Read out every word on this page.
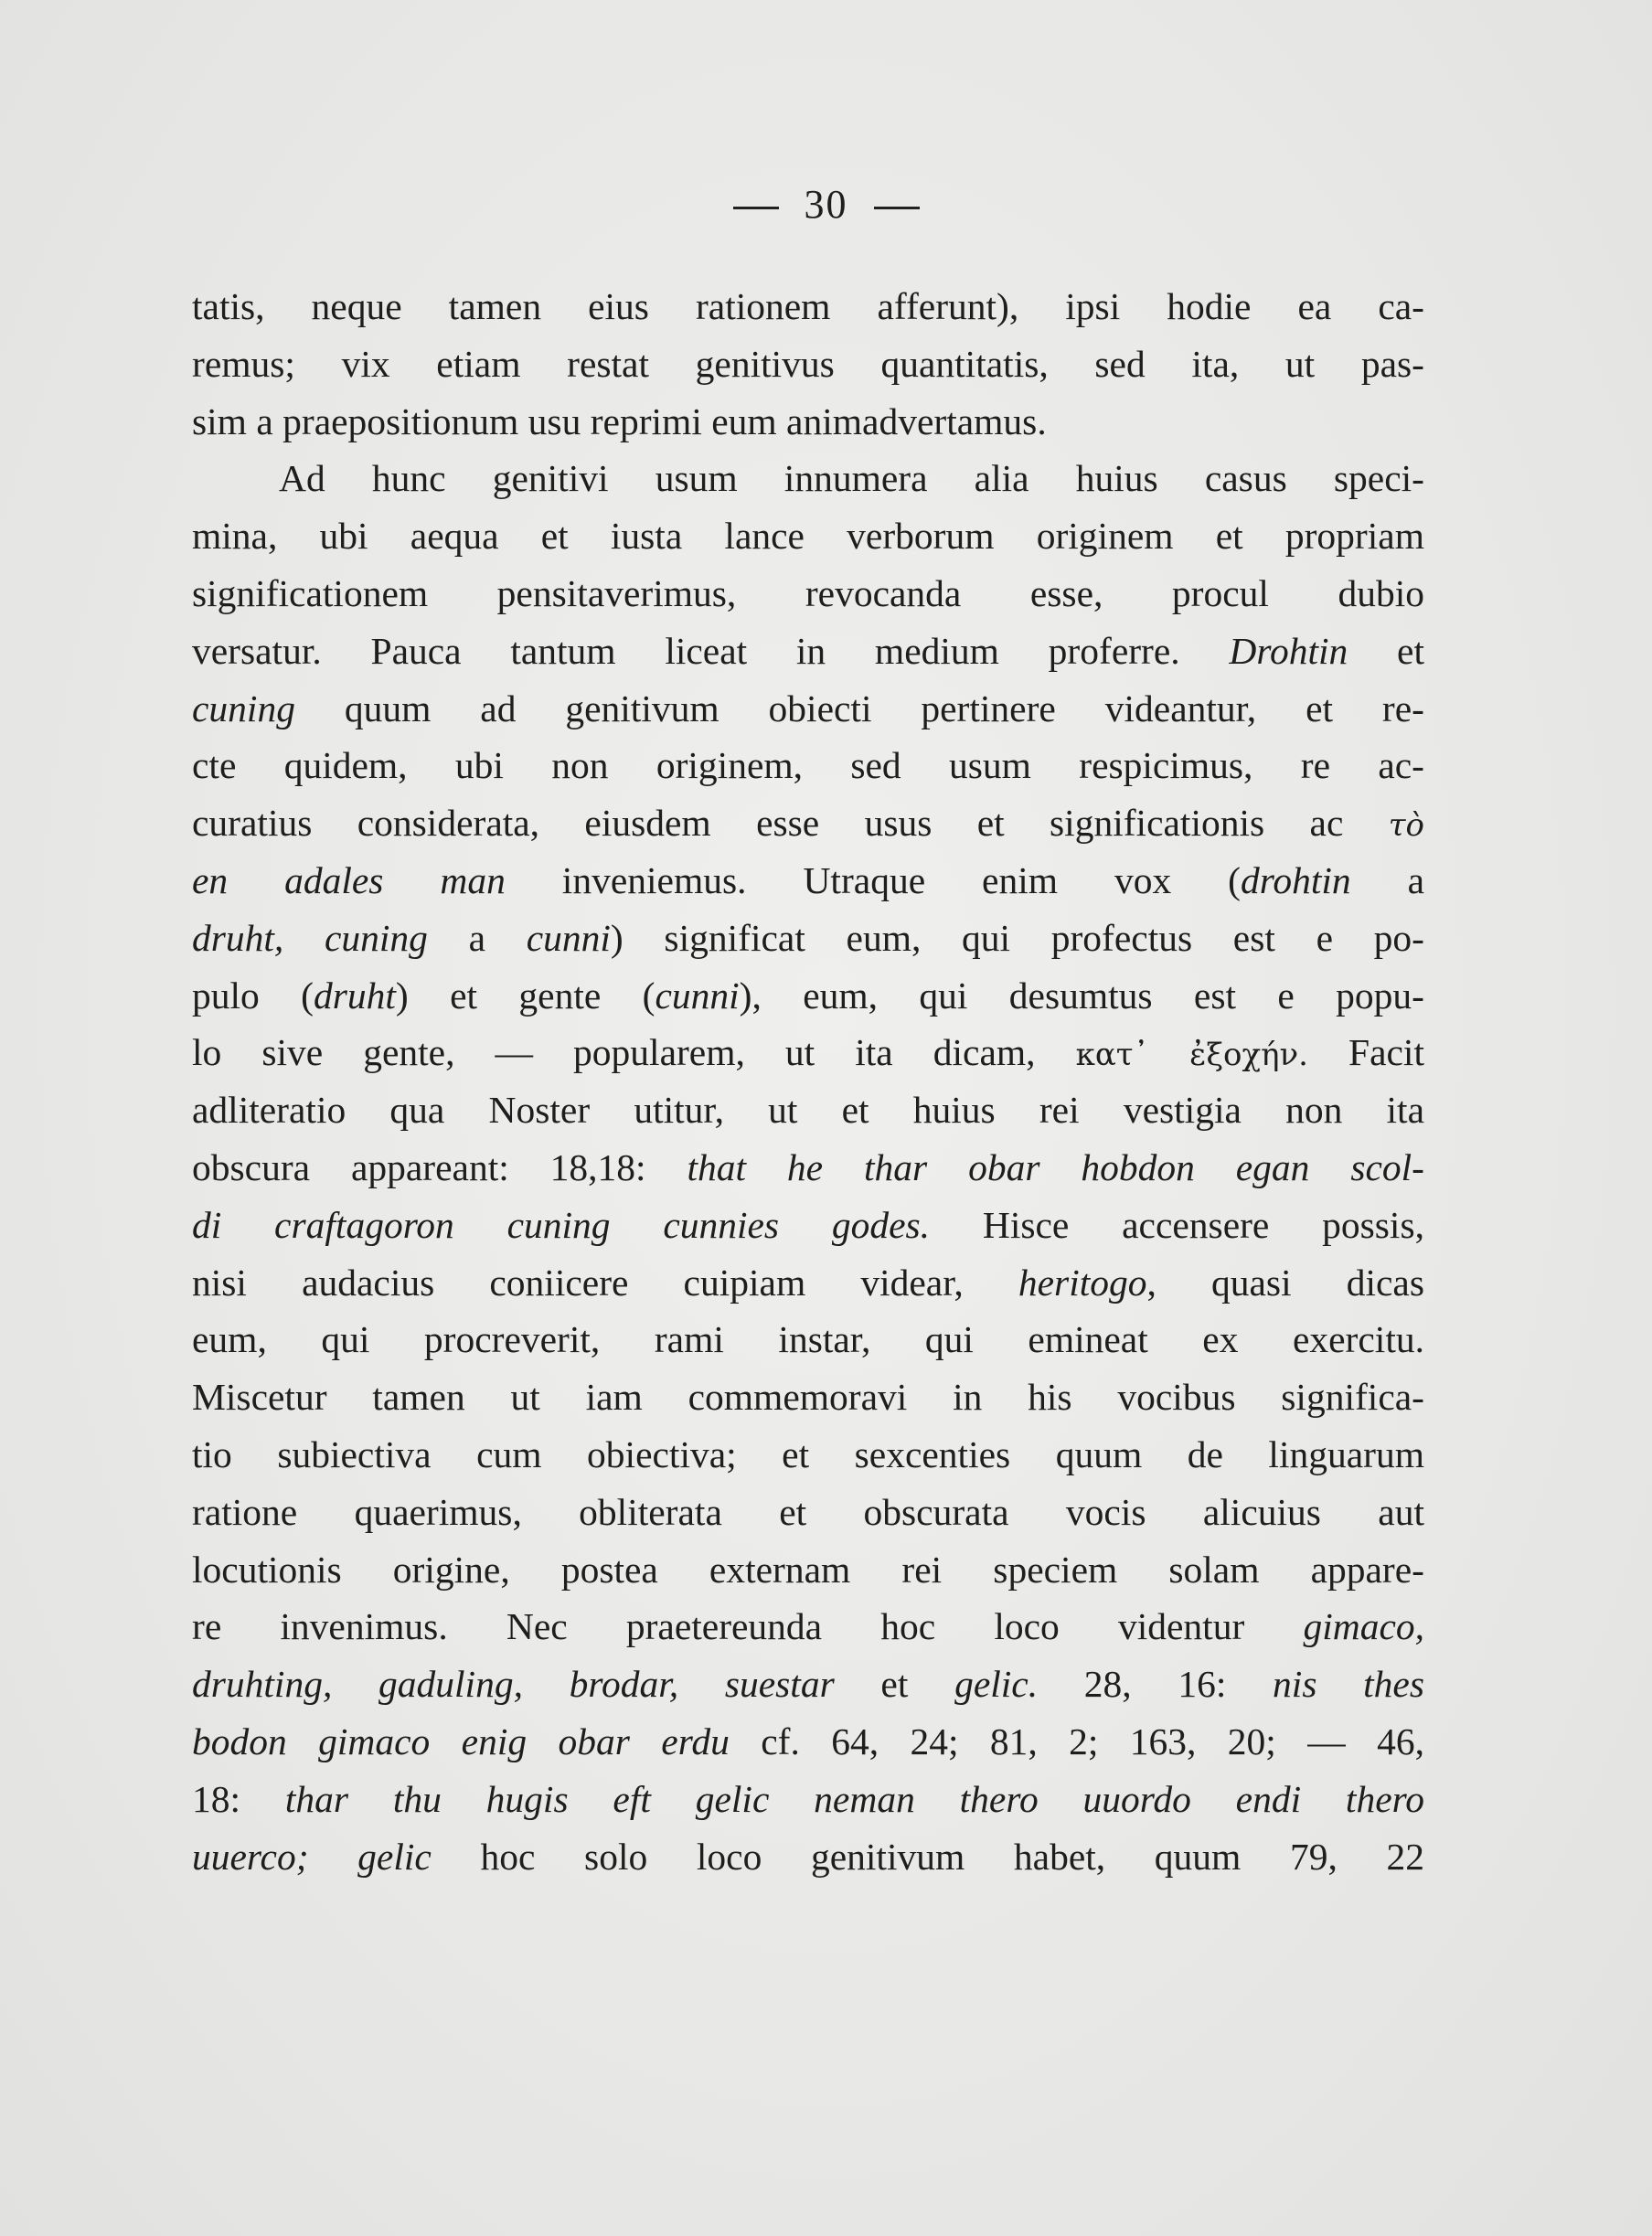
30
tatis, neque tamen eius rationem afferunt), ipsi hodie ea ca-
remus; vix etiam restat genitivus quantitatis, sed ita, ut pas-
sim a praepositionum usu reprimi eum animadvertamus.
Ad hunc genitivi usum innumera alia huius casus speci-
mina, ubi aequa et iusta lance verborum originem et propriam
significationem pensitaverimus, revocanda esse, procul dubio
versatur. Pauca tantum liceat in medium proferre. Drohtin et
cuning quum ad genitivum obiecti pertinere videantur, et re-
cte quidem, ubi non originem, sed usum respicimus, re ac-
curatius considerata, eiusdem esse usus et significationis ac τὸ
en adales man inveniemus. Utraque enim vox (drohtin a
druht, cuning a cunni) significat eum, qui profectus est e po-
pulo (druht) et gente (cunni), eum, qui desumtus est e popu-
lo sive gente, — popularem, ut ita dicam, κατ᾽ ἐξοχήν. Facit
adliteratio qua Noster utitur, ut et huius rei vestigia non ita
obscura appareant: 18,18: that he thar obar hobdon egan scol-
di craftagoron cuning cunnies godes. Hisce accensere possis,
nisi audacius coniicere cuipiam videar, heritogo, quasi dicas
eum, qui procreverit, rami instar, qui emineat ex exercitu.
Miscetur tamen ut iam commemoravi in his vocibus significa-
tio subiectiva cum obiectiva; et sexcenties quum de linguarum
ratione quaerimus, obliterata et obscurata vocis alicuius aut
locutionis origine, postea externam rei speciem solam appare-
re invenimus. Nec praetereunda hoc loco videntur gimaco,
druhting, gaduling, brodar, suestar et gelic. 28, 16: nis thes
bodon gimaco enig obar erdu cf. 64, 24; 81, 2; 163, 20; — 46,
18: thar thu hugis eft gelic neman thero uuordo endi thero
uuerco; gelic hoc solo loco genitivum habet, quum 79, 22
